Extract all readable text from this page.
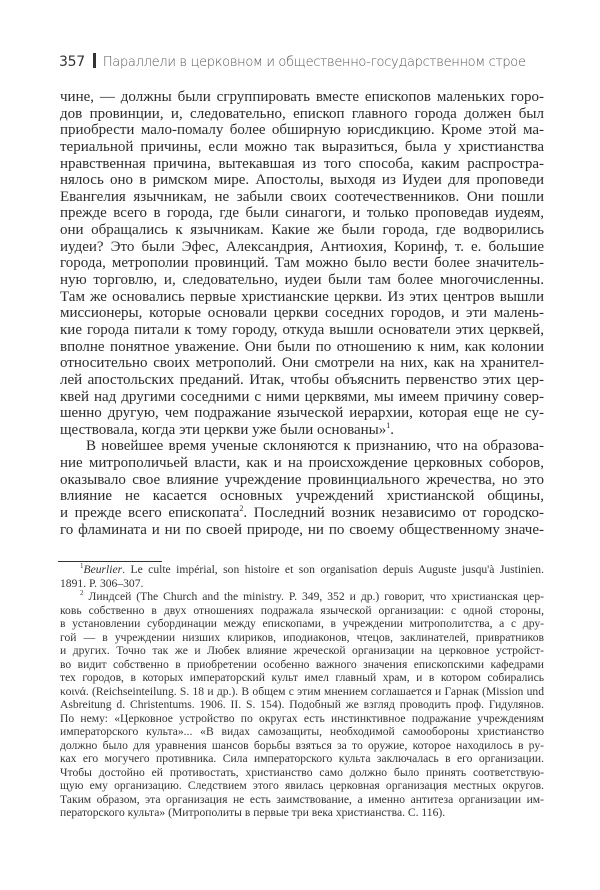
357 Параллели в церковном и общественно-государственном строе
чине, — должны были сгруппировать вместе епископов маленьких горо-
дов провинции, и, следовательно, епископ главного города должен был
приобрести мало-помалу более обширную юрисдикцию. Кроме этой ма-
териальной причины, если можно так выразиться, была у христианства
нравственная причина, вытекавшая из того способа, каким распростра-
нялось оно в римском мире. Апостолы, выходя из Иудеи для проповеди
Евангелия язычникам, не забыли своих соотечественников. Они пошли
прежде всего в города, где были синагоги, и только проповедав иудеям,
они обращались к язычникам. Какие же были города, где водворились
иудеи? Это были Эфес, Александрия, Антиохия, Коринф, т. е. большие
города, метрополии провинций. Там можно было вести более значитель-
ную торговлю, и, следовательно, иудеи были там более многочисленны.
Там же основались первые христианские церкви. Из этих центров вышли
миссионеры, которые основали церкви соседних городов, и эти малень-
кие города питали к тому городу, откуда вышли основатели этих церквей,
вполне понятное уважение. Они были по отношению к ним, как колонии
относительно своих метрополий. Они смотрели на них, как на хранител-
лей апостольских преданий. Итак, чтобы объяснить первенство этих цер-
квей над другими соседними с ними церквями, мы имеем причину совер-
шенно другую, чем подражание языческой иерархии, которая еще не су-
ществовала, когда эти церкви уже были основаны»$^1$.
В новейшее время ученые склоняются к признанию, что на образова-
ние митрополичьей власти, как и на происхождение церковных соборов,
оказывало свое влияние учреждение провинциального жречества, но это
влияние не касается основных учреждений христианской общины,
и прежде всего епископата$^2$. Последний возник независимо от городско-
го фламината и ни по своей природе, ни по своему общественному значе-
$^1$Beurlier. Le culte impérial, son histoire et son organisation depuis Auguste jusqu'à Justinien.
1891. P. 306–307.
$^2$ Линдсей (The Church and the ministry. P. 349, 352 и др.) говорит, что христианская цер-
ковь собственно в двух отношениях подражала языческой организации: с одной стороны,
в установлении субординации между епископами, в учреждении митрополитства, а с дру-
гой — в учреждении низших клириков, иподиаконов, чтецов, заклинателей, привратников
и других. Точно так же и Любек влияние жреческой организации на церковное устройст-
во видит собственно в приобретении особенно важного значения епископскими кафедрами
тех городов, в которых императорский культ имел главный храм, и в котором собирались
κοινά. (Reichseinteilung. S. 18 и др.). В общем с этим мнением соглашается и Гарнак (Mission und
Asbreitung d. Christentums. 1906. II. S. 154). Подобный же взгляд проводить проф. Гидулянов.
По нему: «Церковное устройство по округах есть инстинктивное подражание учреждениям
императорского культа»... «В видах самозащиты, необходимой самообороны христианство
должно было для уравнения шансов борьбы взяться за то оружие, которое находилось в ру-
ках его могучего противника. Сила императорского культа заключалась в его организации.
Чтобы достойно ей противостать, христианство само должно было принять соответствую-
щую ему организацию. Следствием этого явилась церковная организация местных округов.
Таким образом, эта организация не есть заимствование, а именно антитеза организации им-
ператорского культа» (Митрополиты в первые три века христианства. С. 116).
